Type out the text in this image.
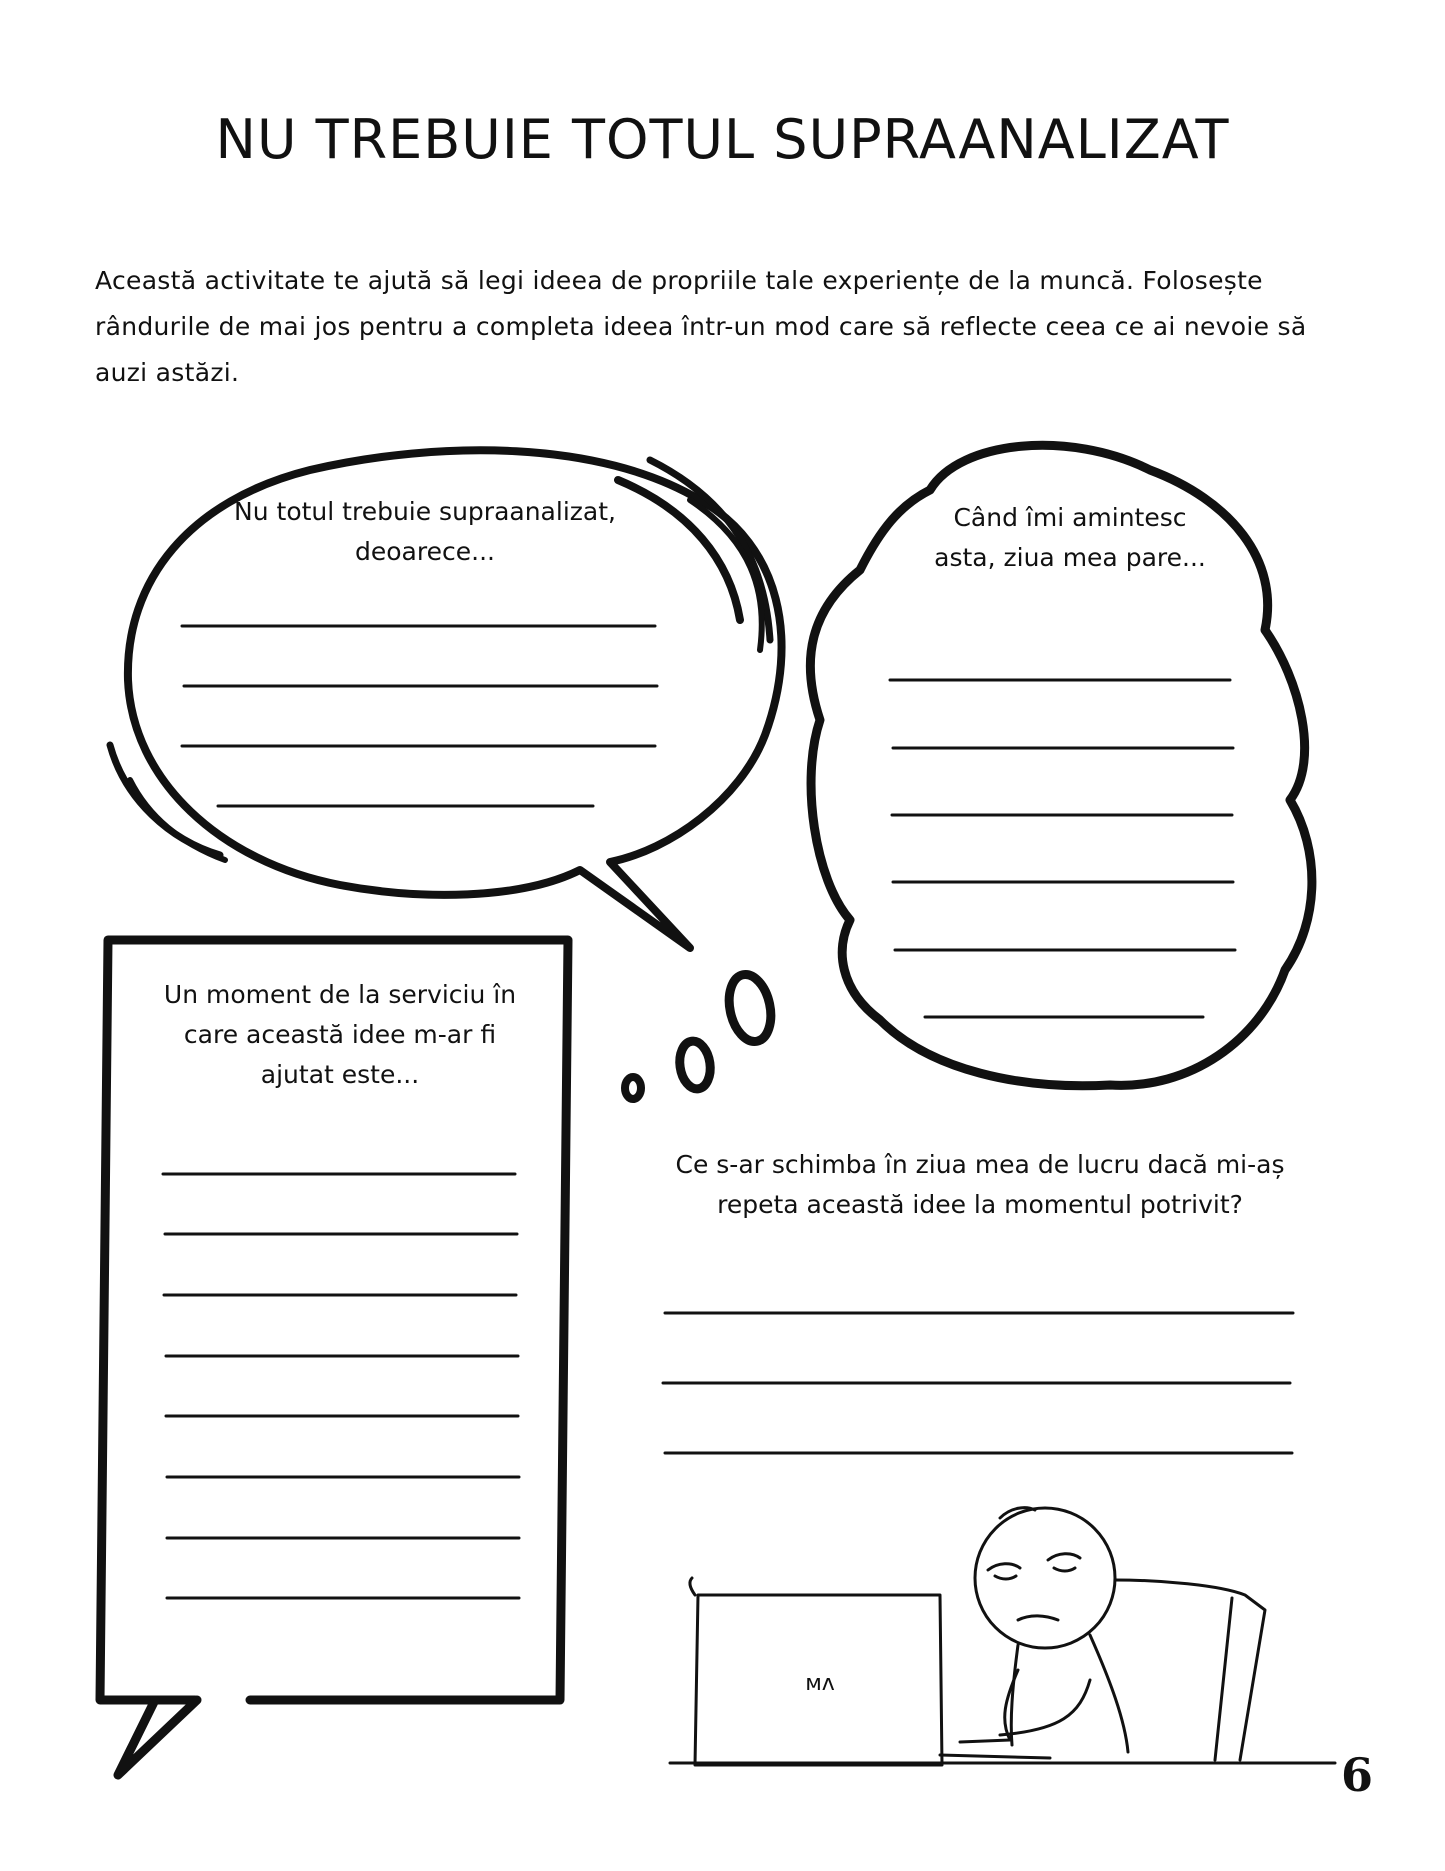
NU TREBUIE TOTUL SUPRAANALIZAT

Această activitate te ajută să legi ideea de propriile tale experiențe de la muncă. Folosește rândurile de mai jos pentru a completa ideea într-un mod care să reflecte ceea ce ai nevoie să auzi astăzi.

ᴍᴧ

Nu totul trebuie supraanalizat, deoarece...

Când îmi amintesc asta, ziua mea pare...

Un moment de la serviciu în care această idee m-ar fi ajutat este...

Ce s-ar schimba în ziua mea de lucru dacă mi-aș repeta această idee la momentul potrivit?

6
